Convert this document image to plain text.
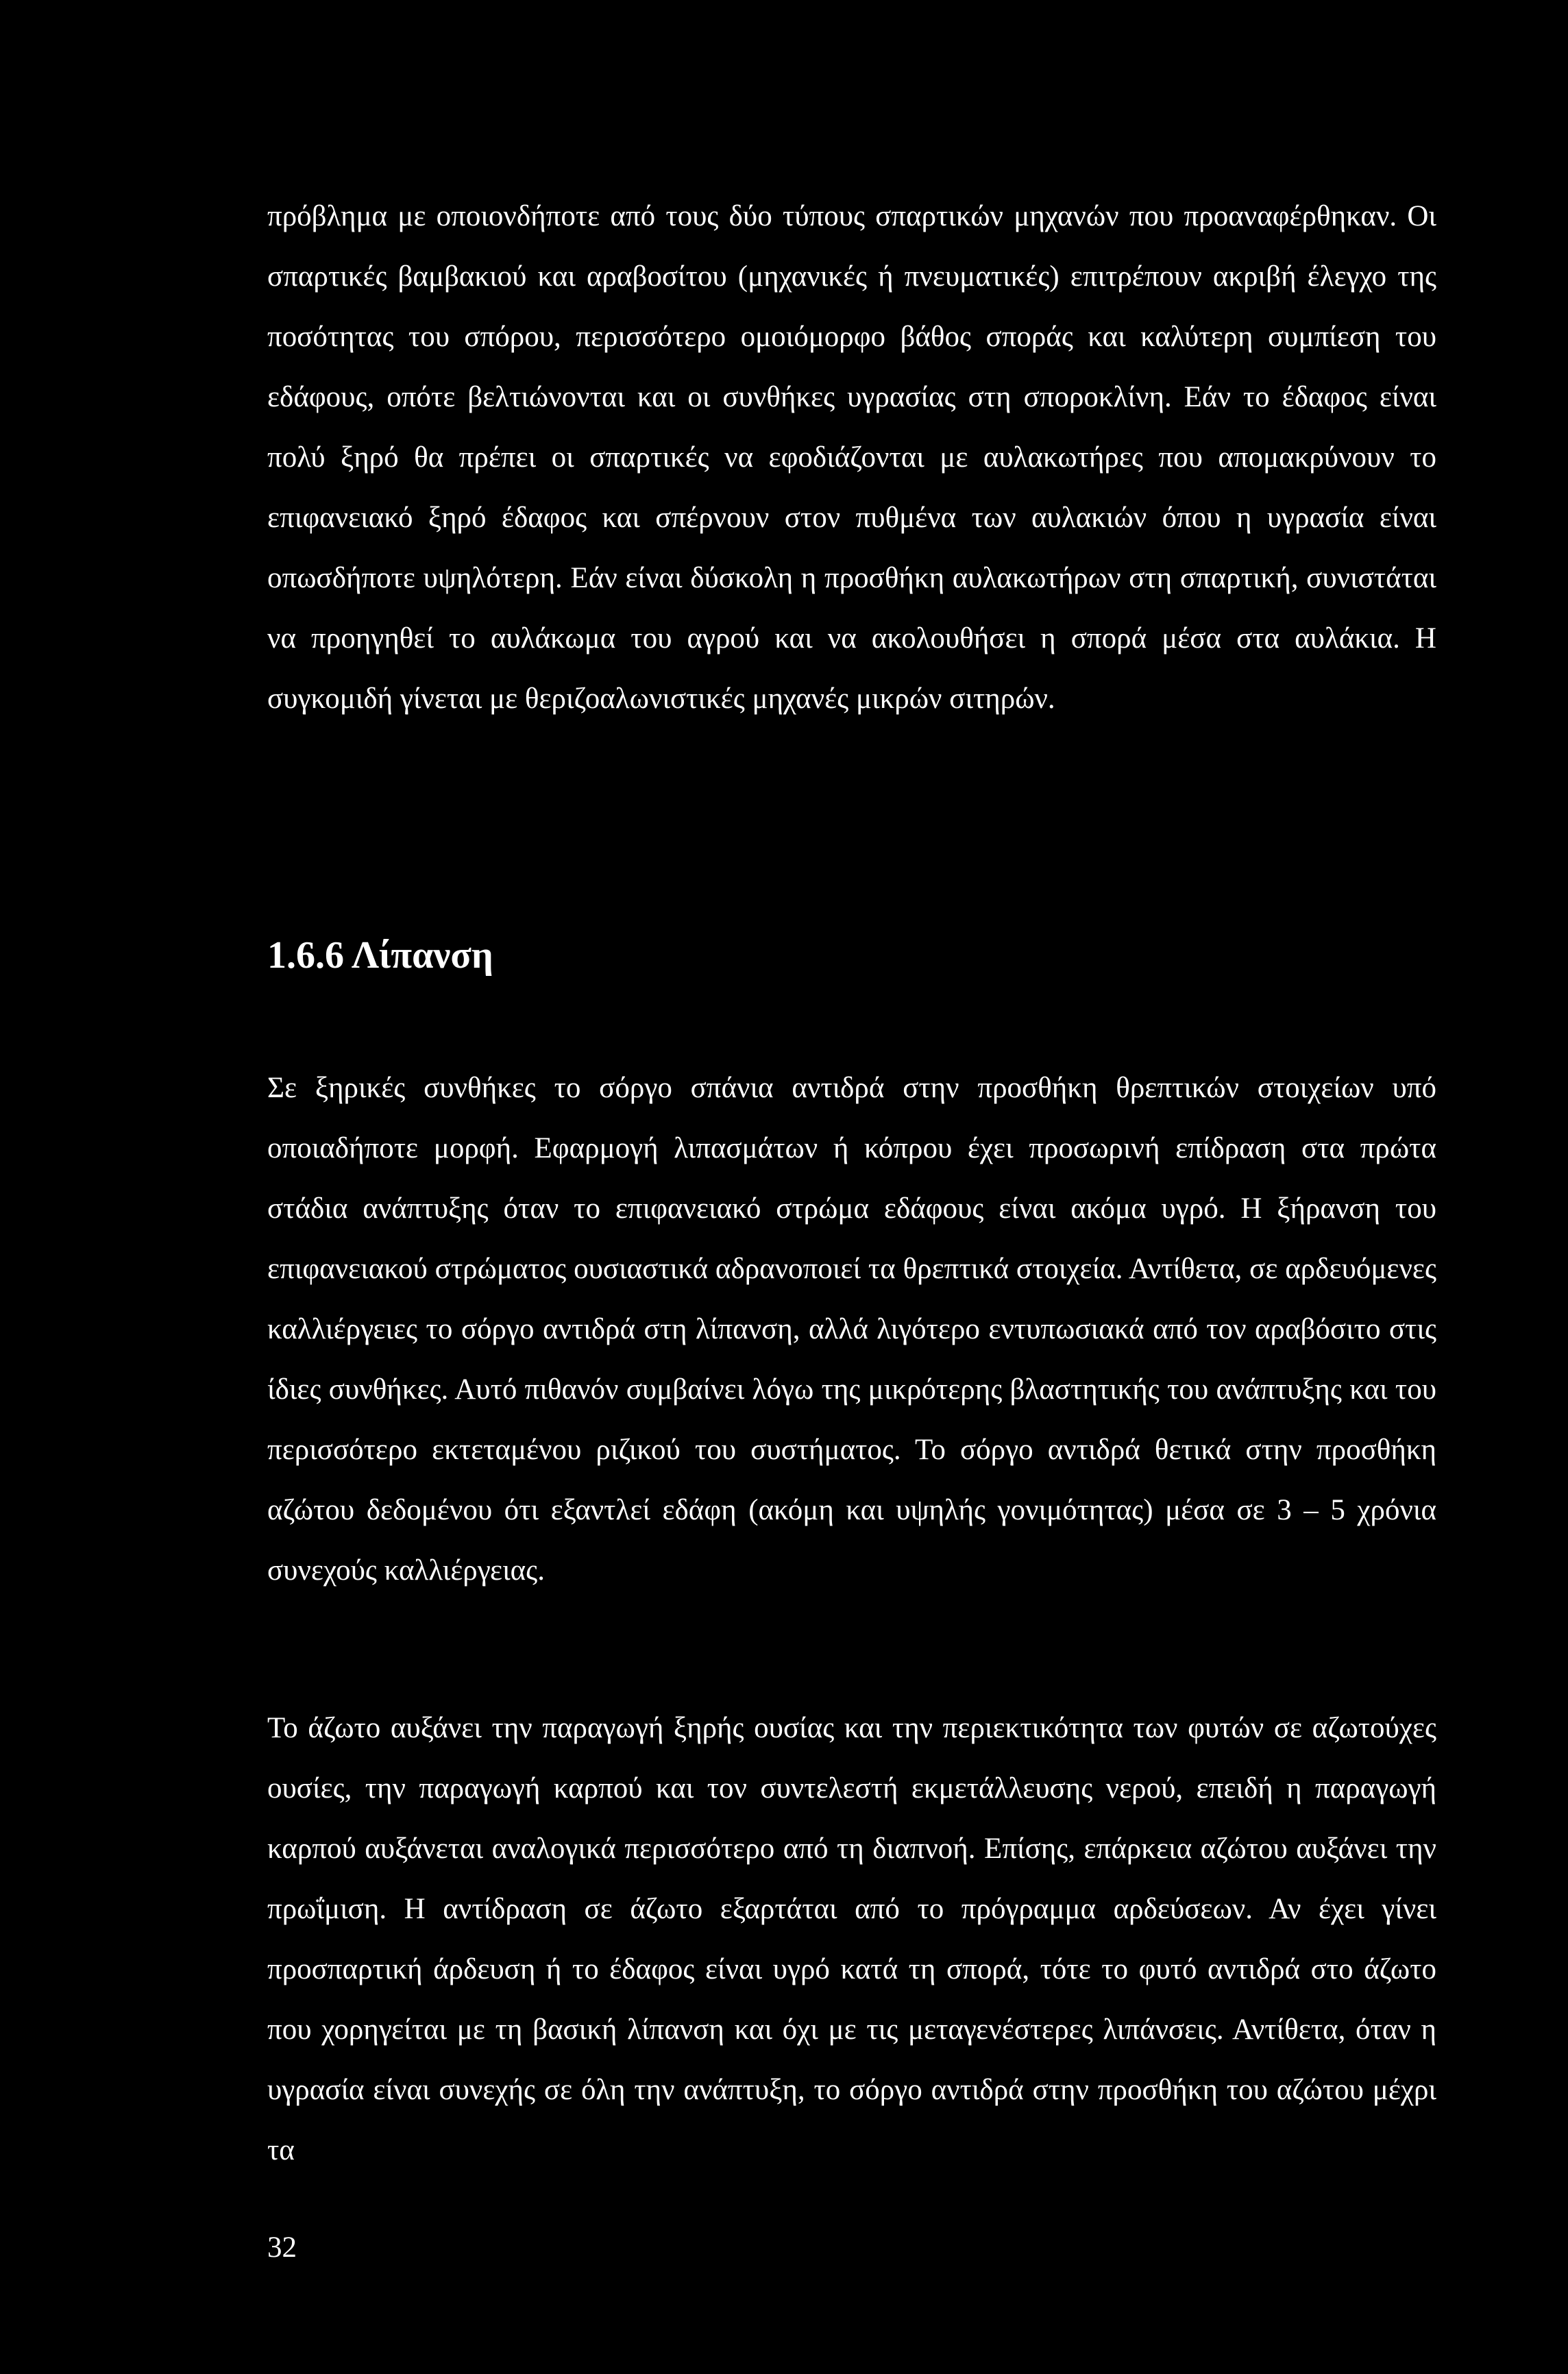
πρόβλημα με οποιονδήποτε από τους δύο τύπους σπαρτικών μηχανών που προαναφέρθηκαν. Οι σπαρτικές βαμβακιού και αραβοσίτου (μηχανικές ή πνευματικές) επιτρέπουν ακριβή έλεγχο της ποσότητας του σπόρου, περισσότερο ομοιόμορφο βάθος σποράς και καλύτερη συμπίεση του εδάφους, οπότε βελτιώνονται και οι συνθήκες υγρασίας στη σποροκλίνη. Εάν το έδαφος είναι πολύ ξηρό θα πρέπει οι σπαρτικές να εφοδιάζονται με αυλακωτήρες που απομακρύνουν το επιφανειακό ξηρό έδαφος και σπέρνουν στον πυθμένα των αυλακιών όπου η υγρασία είναι οπωσδήποτε υψηλότερη. Εάν είναι δύσκολη η προσθήκη αυλακωτήρων στη σπαρτική, συνιστάται να προηγηθεί το αυλάκωμα του αγρού και να ακολουθήσει η σπορά μέσα στα αυλάκια. Η συγκομιδή γίνεται με θεριζοαλωνιστικές μηχανές μικρών σιτηρών.

1.6.6 Λίπανση

Σε ξηρικές συνθήκες το σόργο σπάνια αντιδρά στην προσθήκη θρεπτικών στοιχείων υπό οποιαδήποτε μορφή. Εφαρμογή λιπασμάτων ή κόπρου έχει προσωρινή επίδραση στα πρώτα στάδια ανάπτυξης όταν το επιφανειακό στρώμα εδάφους είναι ακόμα υγρό. Η ξήρανση του επιφανειακού στρώματος ουσιαστικά αδρανοποιεί τα θρεπτικά στοιχεία. Αντίθετα, σε αρδευόμενες καλλιέργειες το σόργο αντιδρά στη λίπανση, αλλά λιγότερο εντυπωσιακά από τον αραβόσιτο στις ίδιες συνθήκες. Αυτό πιθανόν συμβαίνει λόγω της μικρότερης βλαστητικής του ανάπτυξης και του περισσότερο εκτεταμένου ριζικού του συστήματος. Το σόργο αντιδρά θετικά στην προσθήκη αζώτου δεδομένου ότι εξαντλεί εδάφη (ακόμη και υψηλής γονιμότητας) μέσα σε 3 – 5 χρόνια συνεχούς καλλιέργειας.

Το άζωτο αυξάνει την παραγωγή ξηρής ουσίας και την περιεκτικότητα των φυτών σε αζωτούχες ουσίες, την παραγωγή καρπού και τον συντελεστή εκμετάλλευσης νερού, επειδή η παραγωγή καρπού αυξάνεται αναλογικά περισσότερο από τη διαπνοή. Επίσης, επάρκεια αζώτου αυξάνει την πρωΐμιση. Η αντίδραση σε άζωτο εξαρτάται από το πρόγραμμα αρδεύσεων. Αν έχει γίνει προσπαρτική άρδευση ή το έδαφος είναι υγρό κατά τη σπορά, τότε το φυτό αντιδρά στο άζωτο που χορηγείται με τη βασική λίπανση και όχι με τις μεταγενέστερες λιπάνσεις. Αντίθετα, όταν η υγρασία είναι συνεχής σε όλη την ανάπτυξη, το σόργο αντιδρά στην προσθήκη του αζώτου μέχρι τα

32
